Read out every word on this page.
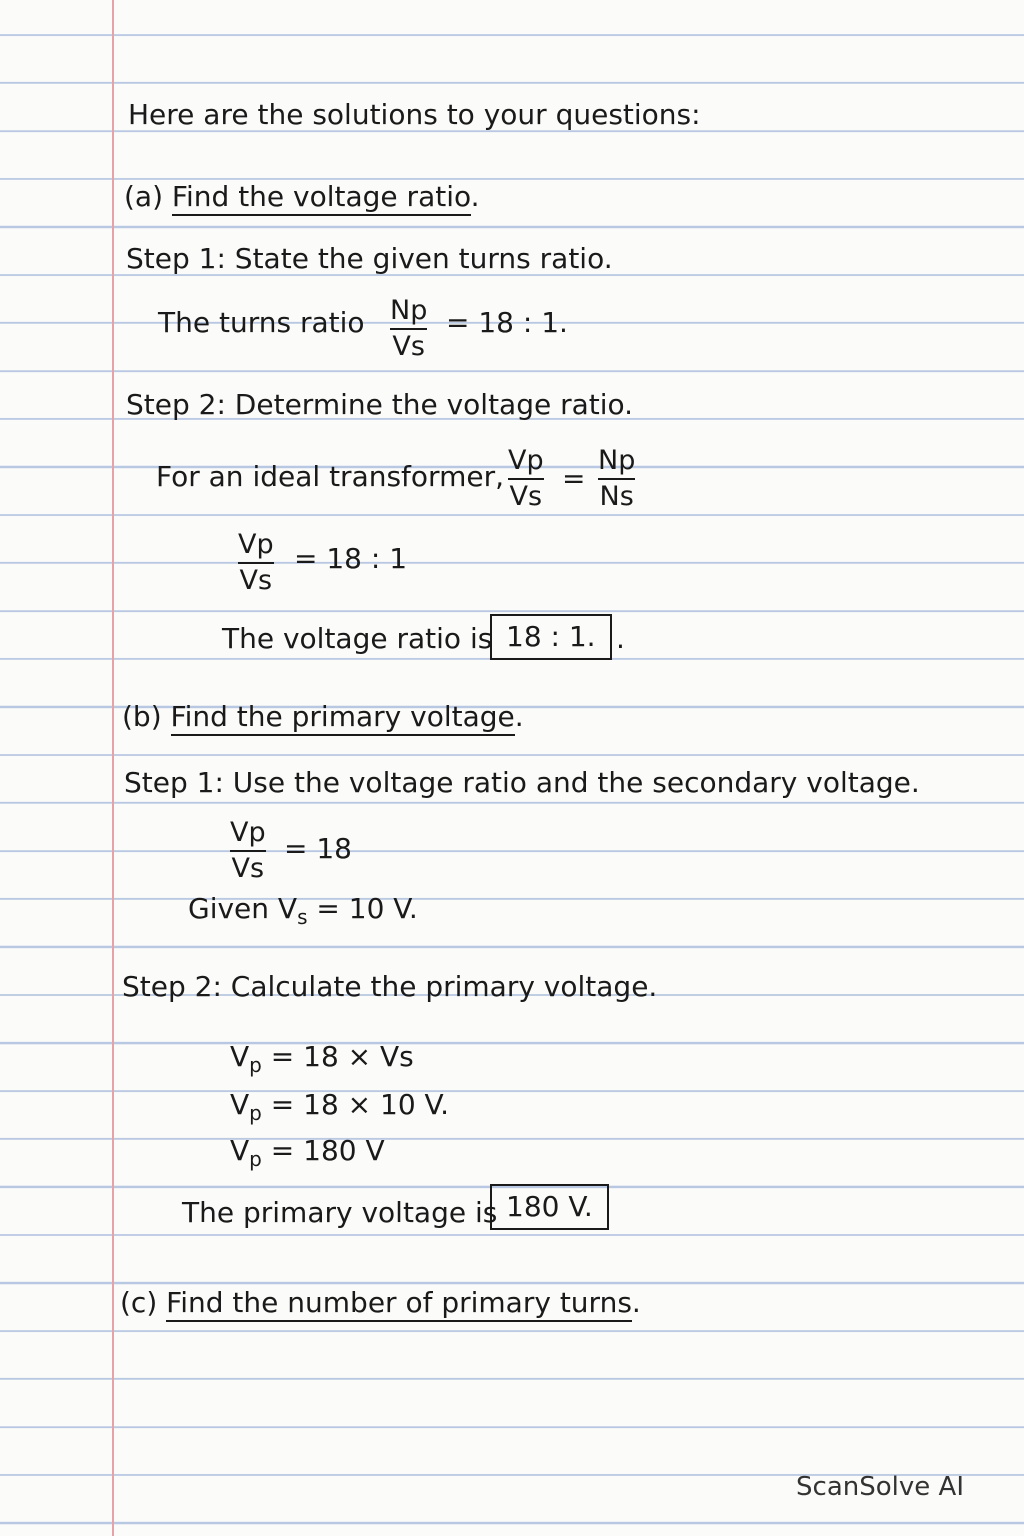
Here are the solutions to your questions:
(a) Find the voltage ratio.
Step 1: State the given turns ratio.
The turns ratio Np
Vs
= 18 : 1.
Step 2: Determine the voltage ratio.
For an ideal transformer, Vp
Vs
=
Np
Ns
Vp
Vs
= 18 : 1
The voltage ratio is 18 : 1. .
(b) Find the primary voltage.
Step 1: Use the voltage ratio and the secondary voltage.
Vp
Vs
= 18
Given $V_s = 10$ V.
Step 2: Calculate the primary voltage.
$V_p = 18 \times Vs$
$V_p = 18 \times 10$ V.
$V_p = 180$ V
The primary voltage is 180 V.
(c) Find the number of primary turns.
ScanSolve AI
